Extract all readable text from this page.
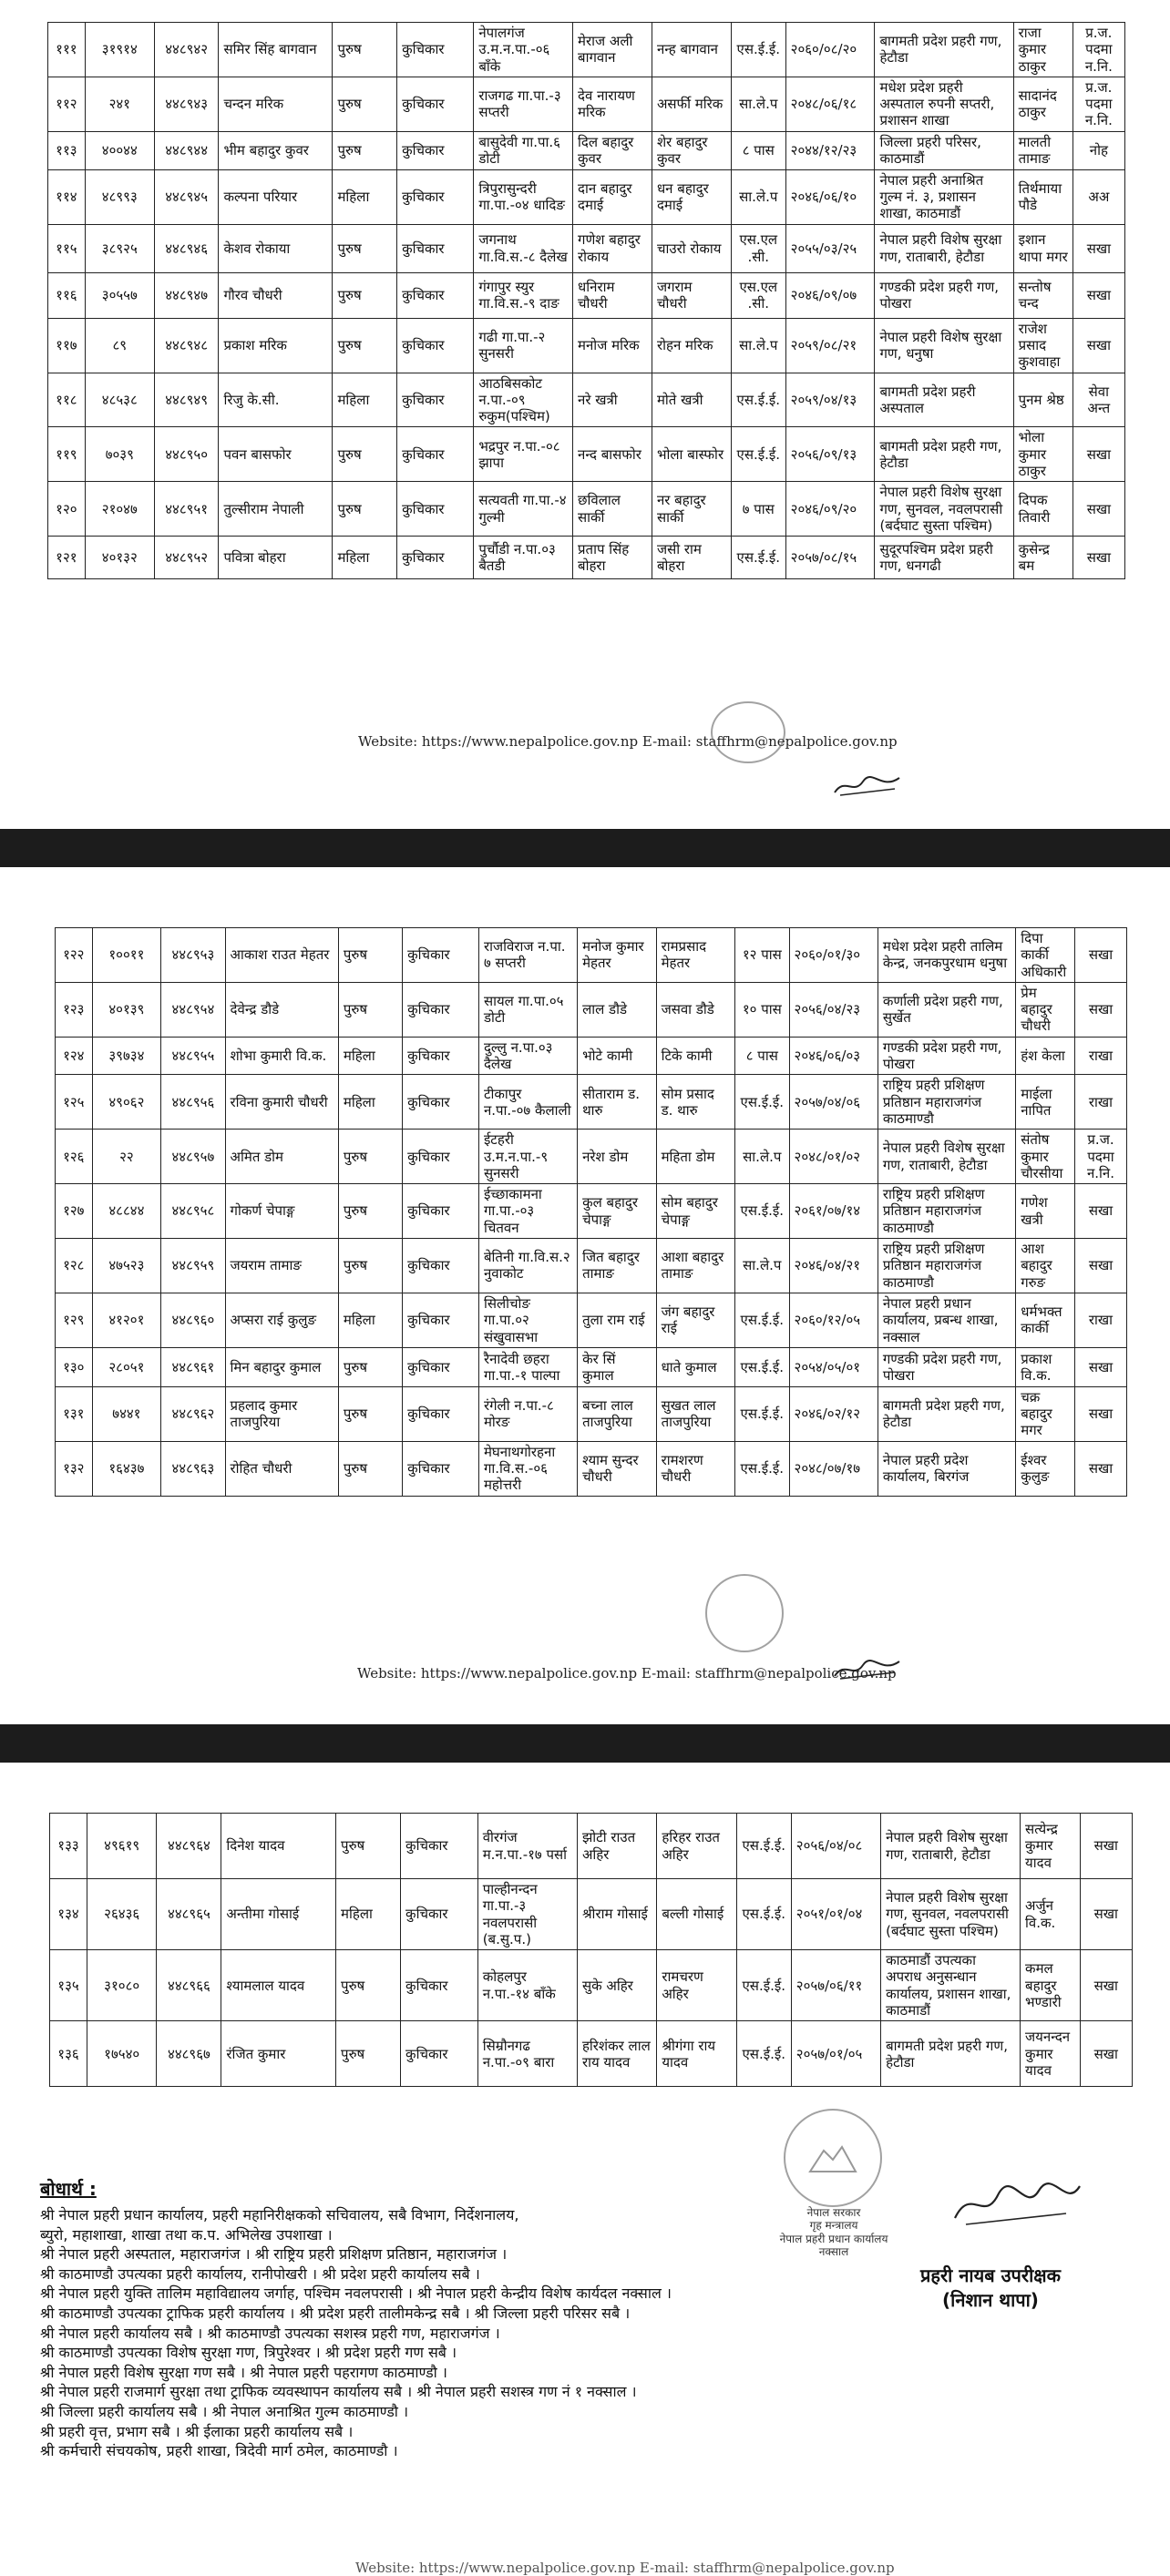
१११	३१९१४	४४८९४२	समिर सिंह बागवान	पुरुष	कुचिकार	नेपालगंज उ.म.न.पा.-०६ बाँके	मेराज अली बागवान	नन्ह बागवान	एस.ई.ई.	२०६०/०८/२०	बागमती प्रदेश प्रहरी गण, हेटौडा	राजा कुमार ठाकुर	प्र.ज. पदमा न.नि.
११२	२४१	४४८९४३	चन्दन मरिक	पुरुष	कुचिकार	राजगढ गा.पा.-३ सप्तरी	देव नारायण मरिक	असर्फी मरिक	सा.ले.प	२०४८/०६/१८	मधेश प्रदेश प्रहरी अस्पताल रुपनी सप्तरी, प्रशासन शाखा	सादानंद ठाकुर	प्र.ज. पदमा न.नि.
११३	४००४४	४४८९४४	भीम बहादुर कुवर	पुरुष	कुचिकार	बासुदेवी गा.पा.६ डोटी	दिल बहादुर कुवर	शेर बहादुर कुवर	८ पास	२०४४/१२/२३	जिल्ला प्रहरी परिसर, काठमाडौं	मालती तामाङ	नोह
११४	४८९९३	४४८९४५	कल्पना परियार	महिला	कुचिकार	त्रिपुरासुन्दरी गा.पा.-०४ धादिङ	दान बहादुर दमाई	धन बहादुर दमाई	सा.ले.प	२०४६/०६/१०	नेपाल प्रहरी अनाश्रित गुल्म नं. ३, प्रशासन शाखा, काठमाडौं	तिर्थमाया पौडे	अअ
११५	३८९२५	४४८९४६	केशव रोकाया	पुरुष	कुचिकार	जगनाथ गा.वि.स.-८ दैलेख	गणेश बहादुर रोकाय	चाउरो रोकाय	एस.एल .सी.	२०५५/०३/२५	नेपाल प्रहरी विशेष सुरक्षा गण, राताबारी, हेटौडा	इशान थापा मगर	सखा
११६	३०५५७	४४८९४७	गौरव चौधरी	पुरुष	कुचिकार	गंगापुर स्युर गा.वि.स.-९ दाङ	धनिराम चौधरी	जगराम चौधरी	एस.एल .सी.	२०४६/०९/०७	गण्डकी प्रदेश प्रहरी गण, पोखरा	सन्तोष चन्द	सखा
११७	८९	४४८९४८	प्रकाश मरिक	पुरुष	कुचिकार	गढी गा.पा.-२ सुनसरी	मनोज मरिक	रोहन मरिक	सा.ले.प	२०५९/०८/२१	नेपाल प्रहरी विशेष सुरक्षा गण, धनुषा	राजेश प्रसाद कुशवाहा	सखा
११८	४८५३८	४४८९४९	रिजु के.सी.	महिला	कुचिकार	आठबिसकोट न.पा.-०९ रुकुम(पश्चिम)	नरे खत्री	मोते खत्री	एस.ई.ई.	२०५९/०४/१३	बागमती प्रदेश प्रहरी अस्पताल	पुनम श्रेष्ठ	सेवा अन्त
११९	७०३९	४४८९५०	पवन बासफोर	पुरुष	कुचिकार	भद्रपुर न.पा.-०८ झापा	नन्द बासफोर	भोला बास्फोर	एस.ई.ई.	२०५६/०९/१३	बागमती प्रदेश प्रहरी गण, हेटौडा	भोला कुमार ठाकुर	सखा
१२०	२१०४७	४४८९५१	तुल्सीराम नेपाली	पुरुष	कुचिकार	सत्यवती गा.पा.-४ गुल्मी	छविलाल सार्की	नर बहादुर सार्की	७ पास	२०४६/०९/२०	नेपाल प्रहरी विशेष सुरक्षा गण, सुनवल, नवलपरासी (बर्दघाट सुस्ता पश्चिम)	दिपक तिवारी	सखा
१२१	४०१३२	४४८९५२	पवित्रा बोहरा	महिला	कुचिकार	पुर्चौडी न.पा.०३ बैतडी	प्रताप सिंह बोहरा	जसी राम बोहरा	एस.ई.ई.	२०५७/०८/१५	सुदूरपश्चिम प्रदेश प्रहरी गण, धनगढी	कुसेन्द्र बम	सखा
Website: https://www.nepalpolice.gov.np E-mail: staffhrm@nepalpolice.gov.np
१२२	१००११	४४८९५३	आकाश राउत मेहतर	पुरुष	कुचिकार	राजविराज न.पा. ७ सप्तरी	मनोज कुमार मेहतर	रामप्रसाद मेहतर	१२ पास	२०६०/०१/३०	मधेश प्रदेश प्रहरी तालिम केन्द्र, जनकपुरधाम धनुषा	दिपा कार्की अधिकारी	सखा
१२३	४०१३९	४४८९५४	देवेन्द्र डौडे	पुरुष	कुचिकार	सायल गा.पा.०५ डोटी	लाल डौडे	जसवा डौडे	१० पास	२०५६/०४/२३	कर्णाली प्रदेश प्रहरी गण, सुर्खेत	प्रेम बहादुर चौधरी	सखा
१२४	३९७३४	४४८९५५	शोभा कुमारी वि.क.	महिला	कुचिकार	दुल्लु न.पा.०३ दैलेख	भोटे कामी	टिके कामी	८ पास	२०४६/०६/०३	गण्डकी प्रदेश प्रहरी गण, पोखरा	हंश केला	राखा
१२५	४९०६२	४४८९५६	रविना कुमारी चौधरी	महिला	कुचिकार	टीकापुर न.पा.-०७ कैलाली	सीताराम ड. थारु	सोम प्रसाद ड. थारु	एस.ई.ई.	२०५७/०४/०६	राष्ट्रिय प्रहरी प्रशिक्षण प्रतिष्ठान महाराजगंज काठमाण्डौ	माईला नापित	राखा
१२६	२२	४४८९५७	अमित डोम	पुरुष	कुचिकार	ईटहरी उ.म.न.पा.-९ सुनसरी	नरेश डोम	महिता डोम	सा.ले.प	२०४८/०१/०२	नेपाल प्रहरी विशेष सुरक्षा गण, राताबारी, हेटौडा	संतोष कुमार चौरसीया	प्र.ज. पदमा न.नि.
१२७	४८८४४	४४८९५८	गोकर्ण चेपाङ्ग	पुरुष	कुचिकार	ईच्छाकामना गा.पा.-०३ चितवन	कुल बहादुर चेपाङ्ग	सोम बहादुर चेपाङ्ग	एस.ई.ई.	२०६१/०७/१४	राष्ट्रिय प्रहरी प्रशिक्षण प्रतिष्ठान महाराजगंज काठमाण्डौ	गणेश खत्री	सखा
१२८	४७५२३	४४८९५९	जयराम तामाङ	पुरुष	कुचिकार	बेतिनी गा.वि.स.२ नुवाकोट	जित बहादुर तामाङ	आशा बहादुर तामाङ	सा.ले.प	२०४६/०४/२१	राष्ट्रिय प्रहरी प्रशिक्षण प्रतिष्ठान महाराजगंज काठमाण्डौ	आश बहादुर गरुङ	सखा
१२९	४१२०१	४४८९६०	अप्सरा राई कुलुङ	महिला	कुचिकार	सिलीचोङ गा.पा.०२ संखुवासभा	तुला राम राई	जंग बहादुर राई	एस.ई.ई.	२०६०/१२/०५	नेपाल प्रहरी प्रधान कार्यालय, प्रबन्ध शाखा, नक्साल	धर्मभक्त कार्की	राखा
१३०	२८०५१	४४८९६१	मिन बहादुर कुमाल	पुरुष	कुचिकार	रैनादेवी छहरा गा.पा.-१ पाल्पा	केर सिं कुमाल	धाते कुमाल	एस.ई.ई.	२०५४/०५/०१	गण्डकी प्रदेश प्रहरी गण, पोखरा	प्रकाश वि.क.	सखा
१३१	७४४१	४४८९६२	प्रहलाद कुमार ताजपुरिया	पुरुष	कुचिकार	रंगेली न.पा.-८ मोरङ	बच्ना लाल ताजपुरिया	सुखत लाल ताजपुरिया	एस.ई.ई.	२०४६/०२/१२	बागमती प्रदेश प्रहरी गण, हेटौडा	चक्र बहादुर मगर	सखा
१३२	१६४३७	४४८९६३	रोहित चौधरी	पुरुष	कुचिकार	मेघनाथगोरहना गा.वि.स.-०६ महोत्तरी	श्याम सुन्दर चौधरी	रामशरण चौधरी	एस.ई.ई.	२०४८/०७/१७	नेपाल प्रहरी प्रदेश कार्यालय, बिरगंज	ईश्वर कुलुङ	सखा
Website: https://www.nepalpolice.gov.np E-mail: staffhrm@nepalpolice.gov.np
१३३	४९६१९	४४८९६४	दिनेश यादव	पुरुष	कुचिकार	वीरगंज म.न.पा.-१७ पर्सा	झोटी राउत अहिर	हरिहर राउत अहिर	एस.ई.ई.	२०५६/०४/०८	नेपाल प्रहरी विशेष सुरक्षा गण, राताबारी, हेटौडा	सत्येन्द्र कुमार यादव	सखा
१३४	२६४३६	४४८९६५	अन्तीमा गोसाई	महिला	कुचिकार	पाल्हीनन्दन गा.पा.-३ नवलपरासी (ब.सु.प.)	श्रीराम गोसाई	बल्ली गोसाई	एस.ई.ई.	२०५१/०१/०४	नेपाल प्रहरी विशेष सुरक्षा गण, सुनवल, नवलपरासी (बर्दघाट सुस्ता पश्चिम)	अर्जुन वि.क.	सखा
१३५	३१०८०	४४८९६६	श्यामलाल यादव	पुरुष	कुचिकार	कोहलपुर न.पा.-१४ बाँके	सुके अहिर	रामचरण अहिर	एस.ई.ई.	२०५७/०६/११	काठमाडौं उपत्यका अपराध अनुसन्धान कार्यालय, प्रशासन शाखा, काठमाडौं	कमल बहादुर भण्डारी	सखा
१३६	१७५४०	४४८९६७	रंजित कुमार	पुरुष	कुचिकार	सिम्रौनगढ न.पा.-०९ बारा	हरिशंकर लाल राय यादव	श्रीगंगा राय यादव	एस.ई.ई.	२०५७/०१/०५	बागमती प्रदेश प्रहरी गण, हेटौडा	जयनन्दन कुमार यादव	सखा
बोधार्थ :
श्री नेपाल प्रहरी प्रधान कार्यालय, प्रहरी महानिरीक्षकको सचिवालय, सबै विभाग, निर्देशनालय,
ब्युरो, महाशाखा, शाखा तथा क.प. अभिलेख उपशाखा ।
श्री नेपाल प्रहरी अस्पताल, महाराजगंज । श्री राष्ट्रिय प्रहरी प्रशिक्षण प्रतिष्ठान, महाराजगंज ।
श्री काठमाण्डौ उपत्यका प्रहरी कार्यालय, रानीपोखरी । श्री प्रदेश प्रहरी कार्यालय सबै ।
श्री नेपाल प्रहरी युक्ति तालिम महाविद्यालय जर्गाह, पश्चिम नवलपरासी । श्री नेपाल प्रहरी केन्द्रीय विशेष कार्यदल नक्साल ।
श्री काठमाण्डौ उपत्यका ट्राफिक प्रहरी कार्यालय । श्री प्रदेश प्रहरी तालीमकेन्द्र सबै । श्री जिल्ला प्रहरी परिसर सबै ।
श्री नेपाल प्रहरी कार्यालय सबै । श्री काठमाण्डौ उपत्यका सशस्त्र प्रहरी गण, महाराजगंज ।
श्री काठमाण्डौ उपत्यका विशेष सुरक्षा गण, त्रिपुरेश्वर । श्री प्रदेश प्रहरी गण सबै ।
श्री नेपाल प्रहरी विशेष सुरक्षा गण सबै । श्री नेपाल प्रहरी पहरागण काठमाण्डौ ।
श्री नेपाल प्रहरी राजमार्ग सुरक्षा तथा ट्राफिक व्यवस्थापन कार्यालय सबै । श्री नेपाल प्रहरी सशस्त्र गण नं १ नक्साल ।
श्री जिल्ला प्रहरी कार्यालय सबै । श्री नेपाल अनाश्रित गुल्म काठमाण्डौ ।
श्री प्रहरी वृत्त, प्रभाग सबै । श्री ईलाका प्रहरी कार्यालय सबै ।
श्री कर्मचारी संचयकोष, प्रहरी शाखा, त्रिदेवी मार्ग ठमेल, काठमाण्डौ ।
नेपाल सरकार
गृह मन्त्रालय
नेपाल प्रहरी प्रधान कार्यालय
नक्साल
प्रहरी नायब उपरीक्षक
(निशान थापा)
Website: https://www.nepalpolice.gov.np E-mail: staffhrm@nepalpolice.gov.np
